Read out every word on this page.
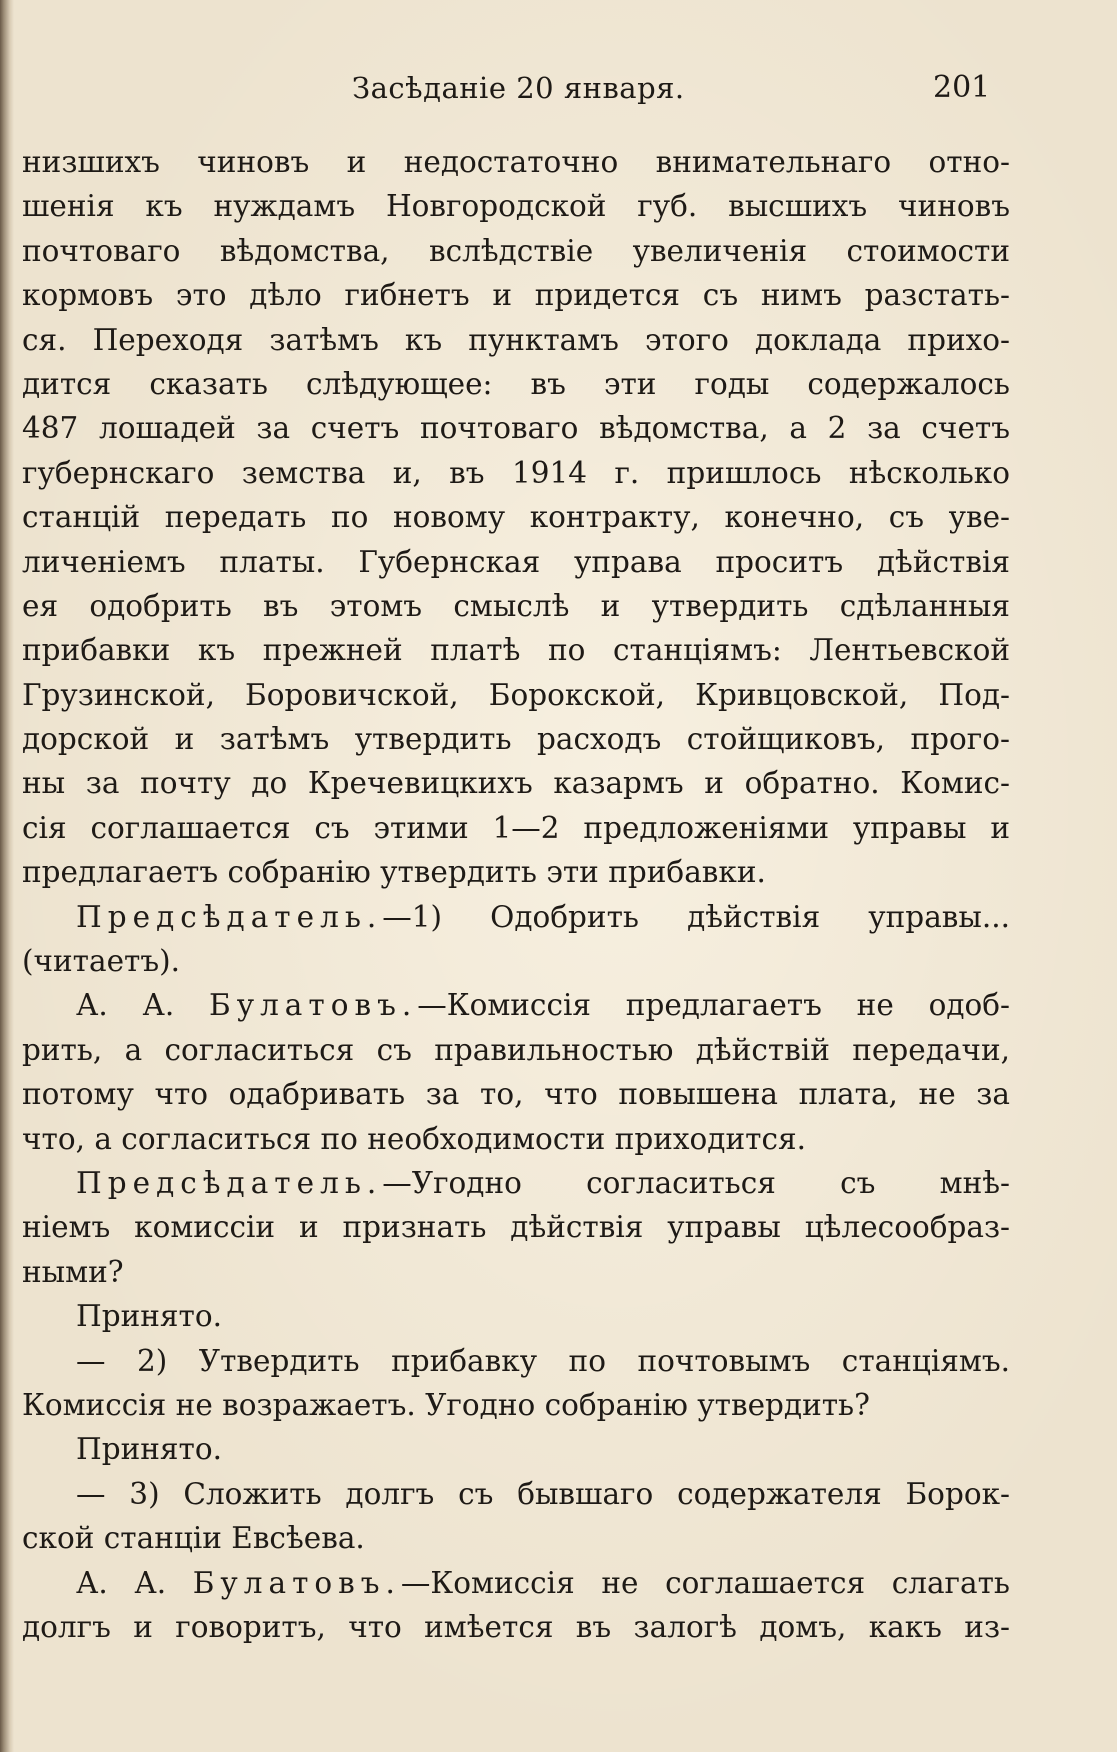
Засѣданіе 20 января.	201
низшихъ чиновъ и недостаточно внимательнаго отно-
шенія къ нуждамъ Новгородской губ. высшихъ чиновъ
почтоваго вѣдомства, вслѣдствіе увеличенія стоимости
кормовъ это дѣло гибнетъ и придется съ нимъ разстать-
ся. Переходя затѣмъ къ пунктамъ этого доклада прихо-
дится сказать слѣдующее: въ эти годы содержалось
487 лошадей за счетъ почтоваго вѣдомства, а 2 за счетъ
губернскаго земства и, въ 1914 г. пришлось нѣсколько
станцій передать по новому контракту, конечно, съ уве-
личеніемъ платы. Губернская управа проситъ дѣйствія
ея одобрить въ этомъ смыслѣ и утвердить сдѣланныя
прибавки къ прежней платѣ по станціямъ: Лентьевской
Грузинской, Боровичской, Борокской, Кривцовской, Под-
дорской и затѣмъ утвердить расходъ стойщиковъ, прого-
ны за почту до Кречевицкихъ казармъ и обратно. Комис-
сія соглашается съ этими 1—2 предложеніями управы и
предлагаетъ собранію утвердить эти прибавки.
Предсѣдатель.—1) Одобрить дѣйствія управы...
(читаетъ).
А. А. Булатовъ.—Комиссія предлагаетъ не одоб-
рить, а согласиться съ правильностью дѣйствій передачи,
потому что одабривать за то, что повышена плата, не за
что, а согласиться по необходимости приходится.
Предсѣдатель.—Угодно согласиться съ мнѣ-
ніемъ комиссіи и признать дѣйствія управы цѣлесообраз-
ными?
Принято.
— 2) Утвердить прибавку по почтовымъ станціямъ.
Комиссія не возражаетъ. Угодно собранію утвердить?
Принято.
— 3) Сложить долгъ съ бывшаго содержателя Борок-
ской станціи Евсѣева.
А. А. Булатовъ.—Комиссія не соглашается слагать
долгъ и говоритъ, что имѣется въ залогѣ домъ, какъ из-
